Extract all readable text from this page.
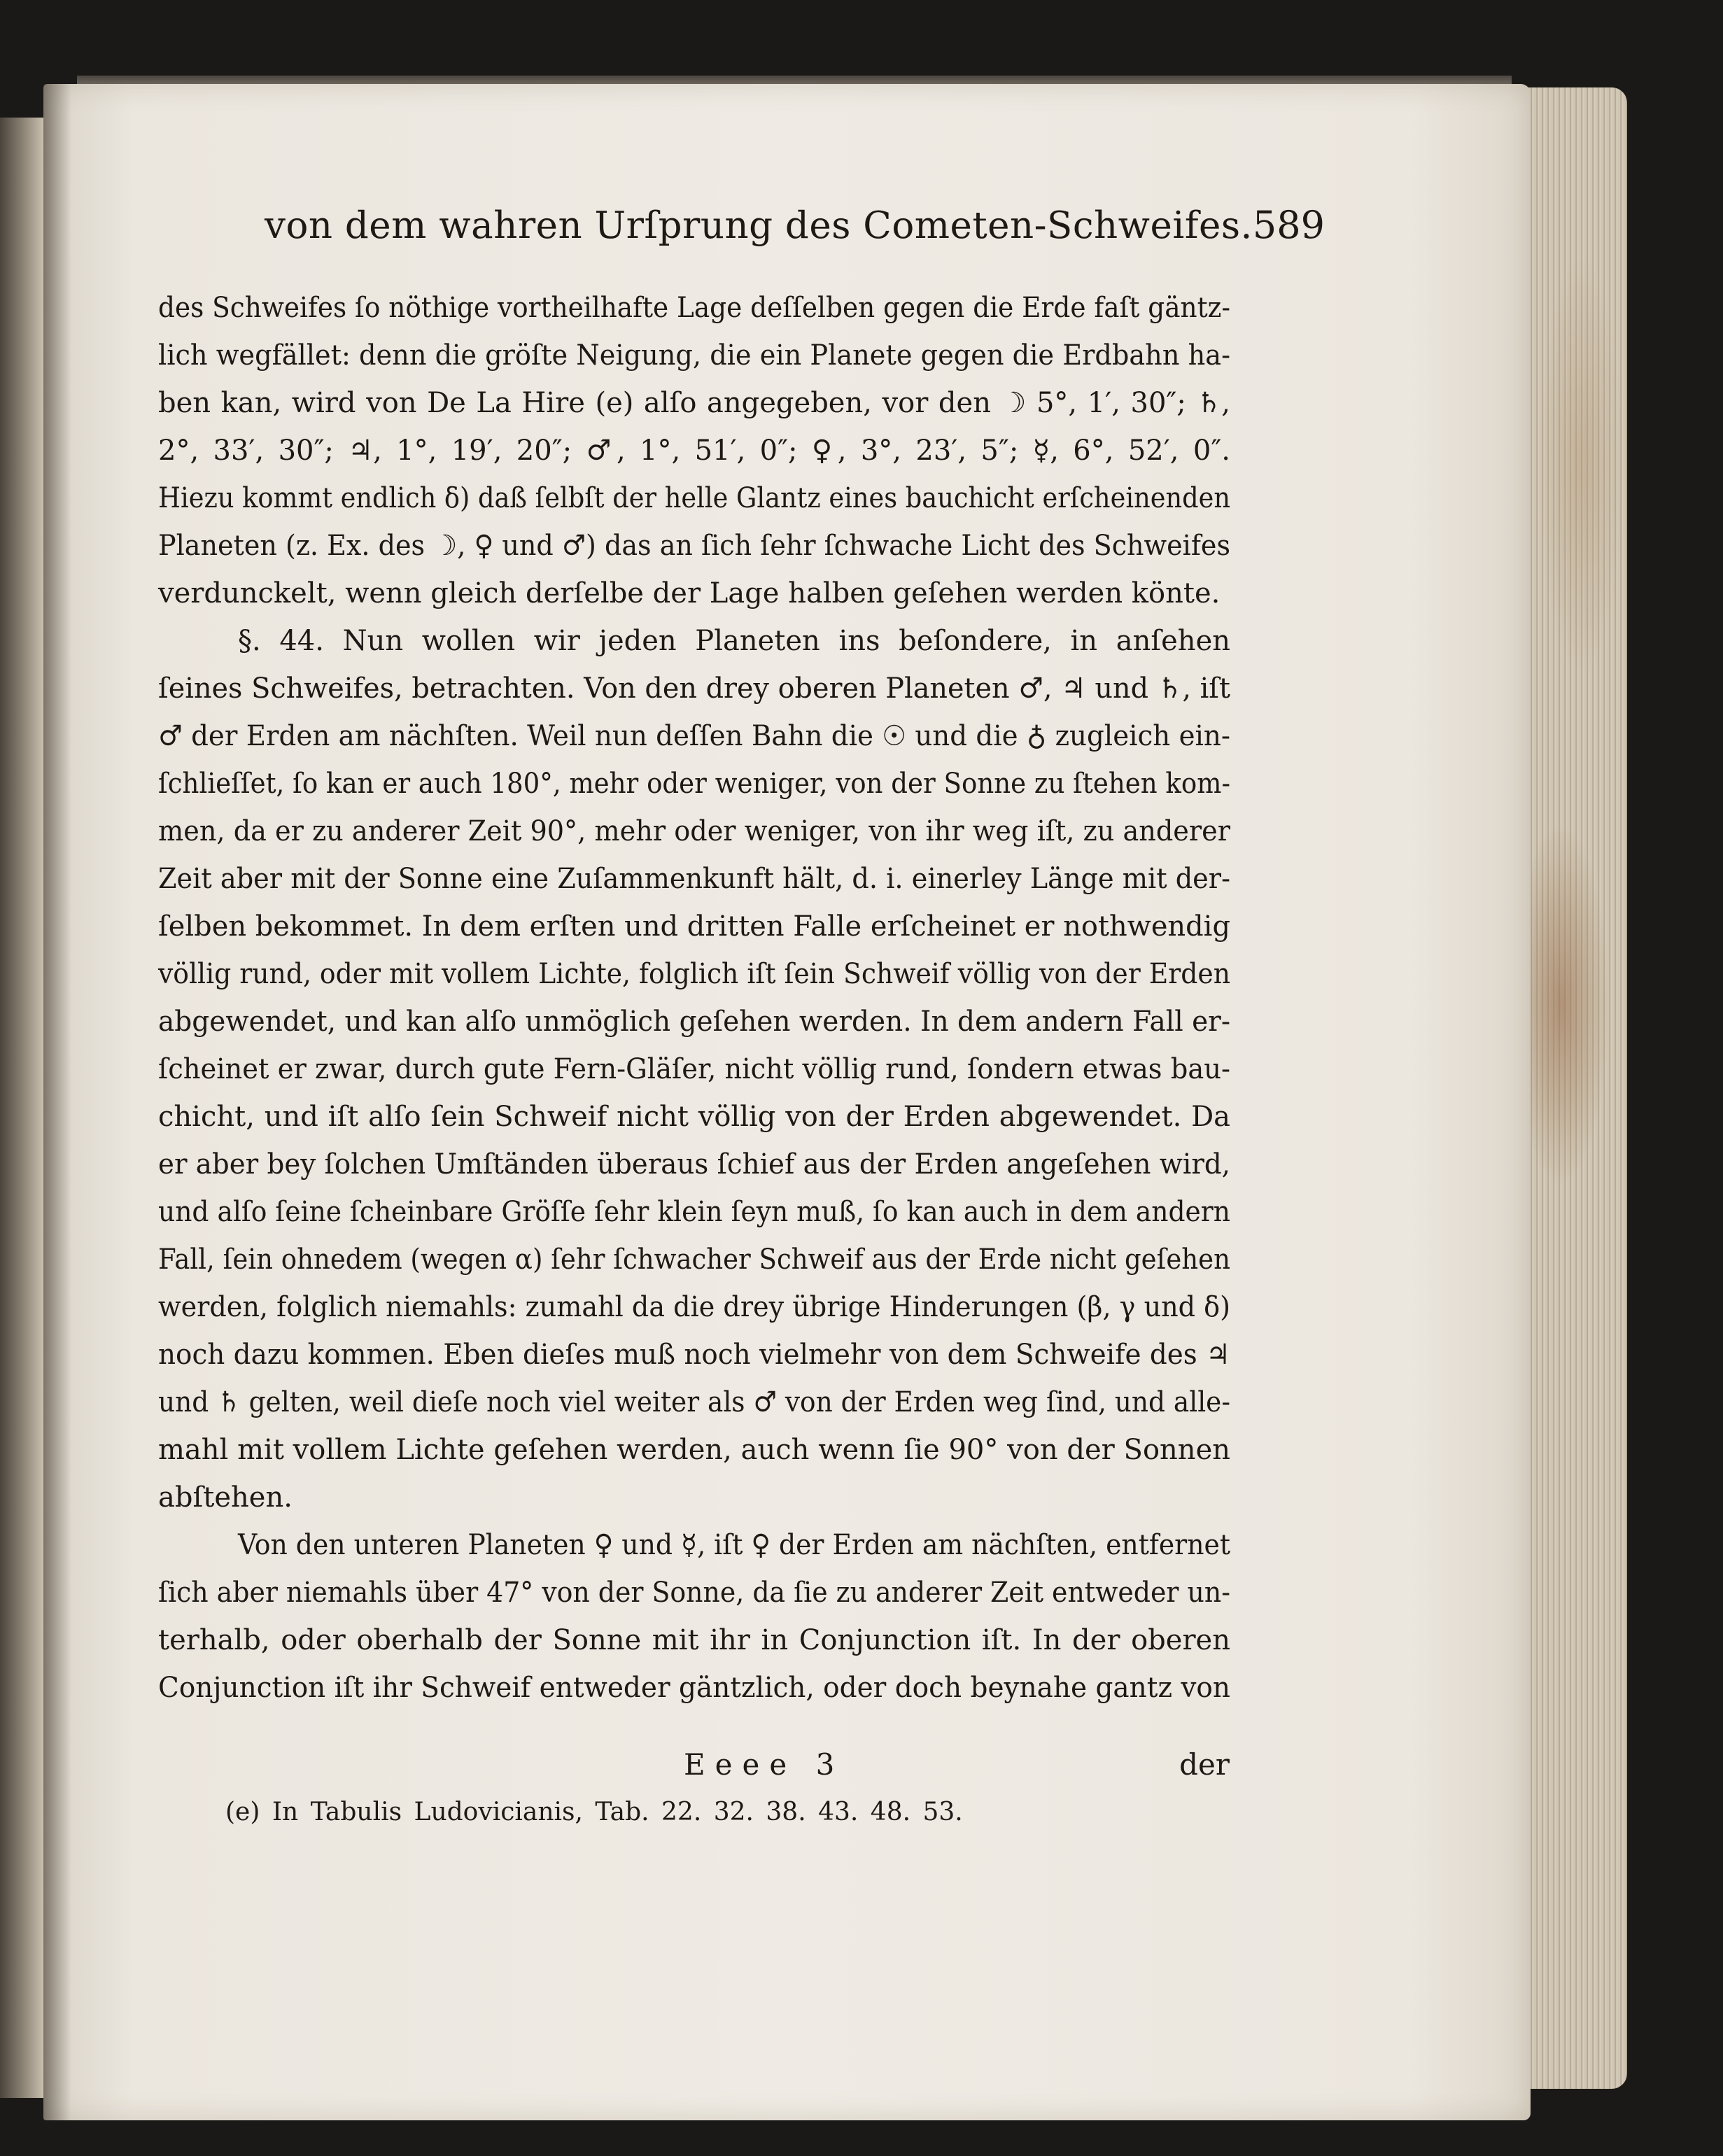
von dem wahren Urſprung des Cometen-Schweifes. 589
des Schweifes ſo nöthige vortheilhafte Lage deſſelben gegen die Erde faſt gäntz-
lich wegfället: denn die gröſte Neigung, die ein Planete gegen die Erdbahn ha-
ben kan, wird von De La Hire (e) alſo angegeben, vor den ☽ 5°, 1′, 30″; ♄,
2°, 33′, 30″; ♃, 1°, 19′, 20″; ♂, 1°, 51′, 0″; ♀, 3°, 23′, 5″; ☿, 6°, 52′, 0″.
Hiezu kommt endlich δ) daß ſelbſt der helle Glantz eines bauchicht erſcheinenden
Planeten (z. Ex. des ☽, ♀ und ♂) das an ſich ſehr ſchwache Licht des Schweifes
verdunckelt, wenn gleich derſelbe der Lage halben geſehen werden könte.
§. 44. Nun wollen wir jeden Planeten ins beſondere, in anſehen
ſeines Schweifes, betrachten. Von den drey oberen Planeten ♂, ♃ und ♄, iſt
♂ der Erden am nächſten. Weil nun deſſen Bahn die ☉ und die ♁ zugleich ein-
ſchlieſſet, ſo kan er auch 180°, mehr oder weniger, von der Sonne zu ſtehen kom-
men, da er zu anderer Zeit 90°, mehr oder weniger, von ihr weg iſt, zu anderer
Zeit aber mit der Sonne eine Zuſammenkunft hält, d. i. einerley Länge mit der-
ſelben bekommet. In dem erſten und dritten Falle erſcheinet er nothwendig
völlig rund, oder mit vollem Lichte, folglich iſt ſein Schweif völlig von der Erden
abgewendet, und kan alſo unmöglich geſehen werden. In dem andern Fall er-
ſcheinet er zwar, durch gute Fern-Gläſer, nicht völlig rund, ſondern etwas bau-
chicht, und iſt alſo ſein Schweif nicht völlig von der Erden abgewendet. Da
er aber bey ſolchen Umſtänden überaus ſchief aus der Erden angeſehen wird,
und alſo ſeine ſcheinbare Gröſſe ſehr klein ſeyn muß, ſo kan auch in dem andern
Fall, ſein ohnedem (wegen α) ſehr ſchwacher Schweif aus der Erde nicht geſehen
werden, folglich niemahls: zumahl da die drey übrige Hinderungen (β, γ und δ)
noch dazu kommen. Eben dieſes muß noch vielmehr von dem Schweife des ♃
und ♄ gelten, weil dieſe noch viel weiter als ♂ von der Erden weg ſind, und alle-
mahl mit vollem Lichte geſehen werden, auch wenn ſie 90° von der Sonnen
abſtehen.
Von den unteren Planeten ♀ und ☿, iſt ♀ der Erden am nächſten, entfernet
ſich aber niemahls über 47° von der Sonne, da ſie zu anderer Zeit entweder un-
terhalb, oder oberhalb der Sonne mit ihr in Conjunction iſt. In der oberen
Conjunction iſt ihr Schweif entweder gäntzlich, oder doch beynahe gantz von
Eeee 3	der
(e) In Tabulis Ludovicianis, Tab. 22. 32. 38. 43. 48. 53.
